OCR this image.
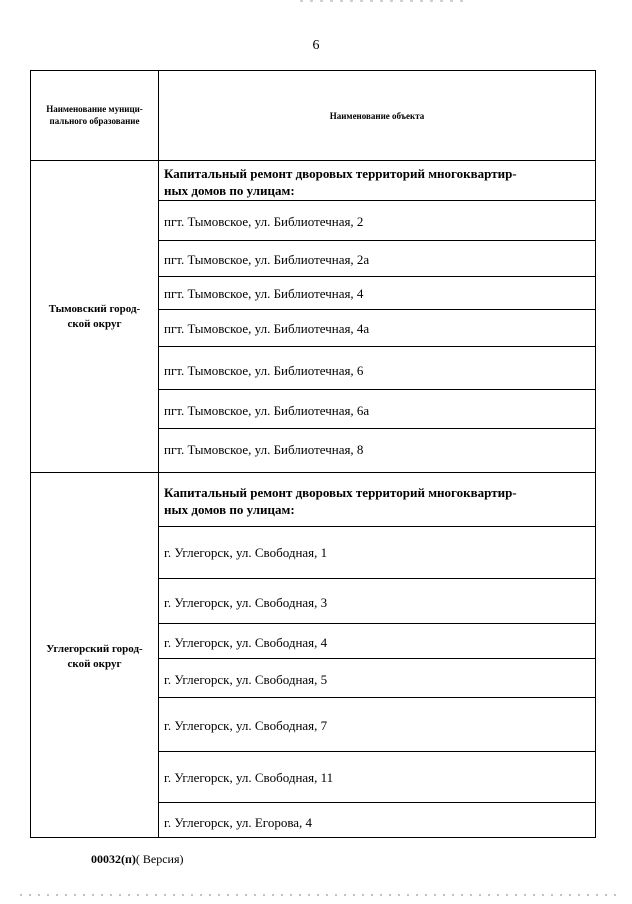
6
Наименование муници-
пального образование	Наименование объекта
Тымовский город-
ской округ
Капитальный ремонт дворовых территорий многоквартир-
ных домов по улицам:
пгт. Тымовское, ул. Библиотечная, 2
пгт. Тымовское, ул. Библиотечная, 2а
пгт. Тымовское, ул. Библиотечная, 4
пгт. Тымовское, ул. Библиотечная, 4а
пгт. Тымовское, ул. Библиотечная, 6
пгт. Тымовское, ул. Библиотечная, 6а
пгт. Тымовское, ул. Библиотечная, 8
Углегорский город-
ской округ
Капитальный ремонт дворовых территорий многоквартир-
ных домов по улицам:
г. Углегорск, ул. Свободная, 1
г. Углегорск, ул. Свободная, 3
г. Углегорск, ул. Свободная, 4
г. Углегорск, ул. Свободная, 5
г. Углегорск, ул. Свободная, 7
г. Углегорск, ул. Свободная, 11
г. Углегорск, ул. Егорова, 4
00032(п)( Версия)
